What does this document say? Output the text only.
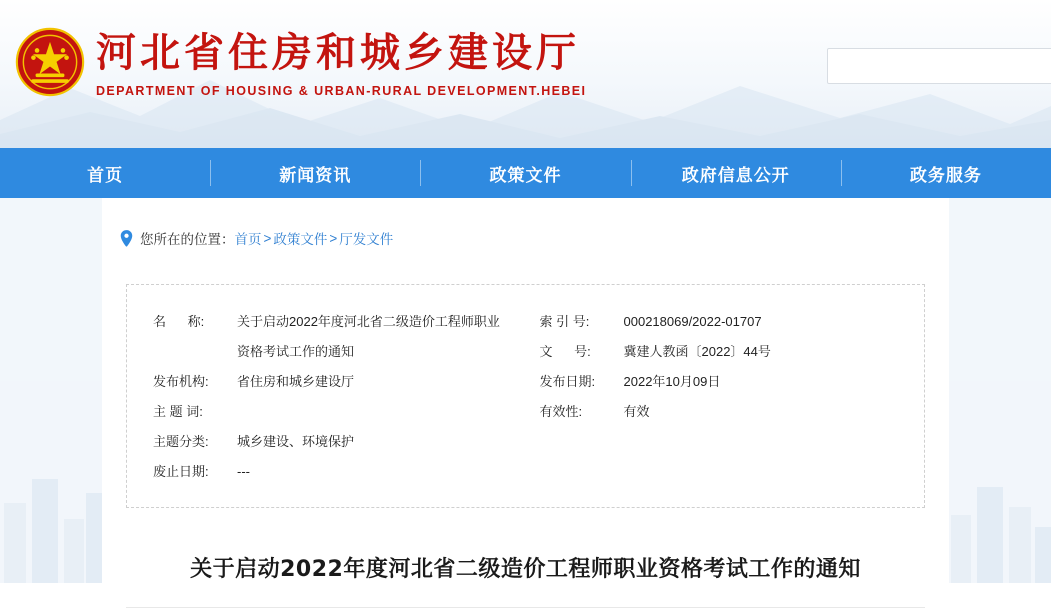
河北省住房和城乡建设厅
DEPARTMENT OF HOUSING & URBAN-RURAL DEVELOPMENT.HEBEI
首页	新闻资讯	政策文件	政府信息公开	政务服务
您所在的位置： 首页 > 政策文件 > 厅发文件
名      称:	关于启动2022年度河北省二级造价工程师职业资格考试工作的通知
发布机构:	省住房和城乡建设厅
主 题 词:
主题分类:	城乡建设、环境保护
废止日期:	---
索 引 号:	000218069/2022-01707
文      号:	冀建人教函〔2022〕44号
发布日期:	2022年10月09日
有效性:	有效
关于启动2022年度河北省二级造价工程师职业资格考试工作的通知
